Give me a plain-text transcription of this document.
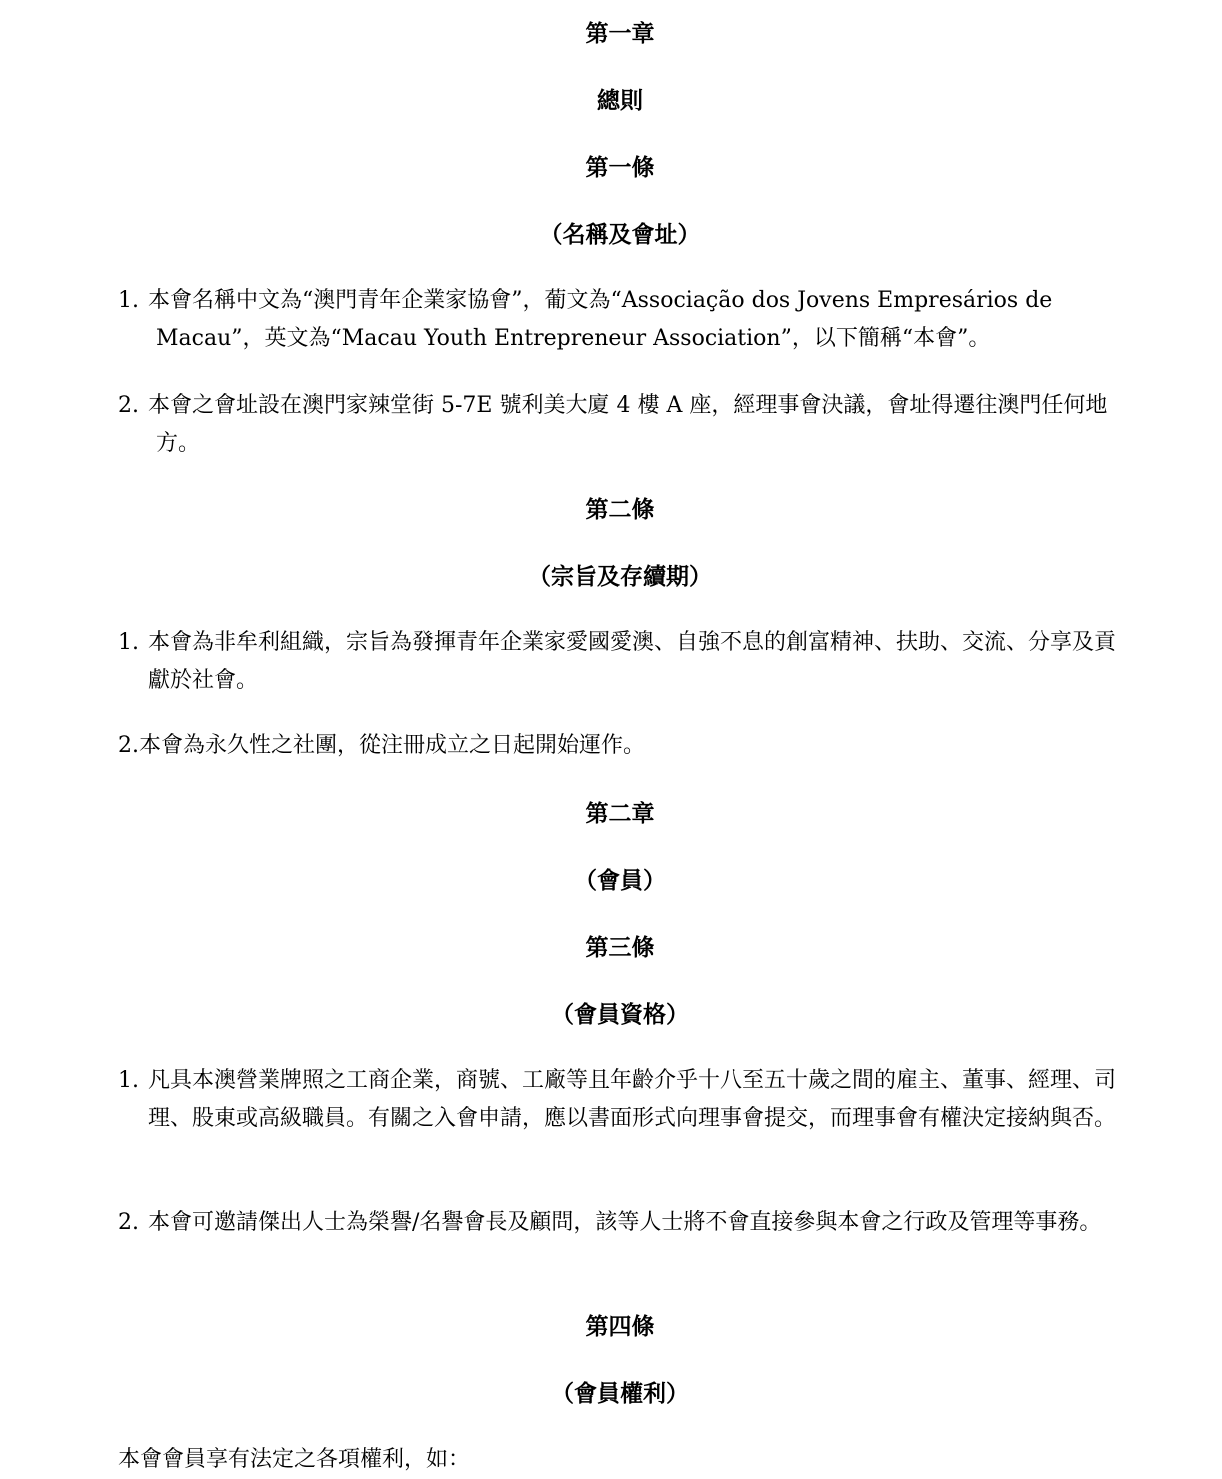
第一章
總則
第一條
（名稱及會址）
1. 本會名稱中文為“澳門青年企業家協會”，葡文為“Associação dos Jovens Empresários de Macau”，英文為“Macau Youth Entrepreneur Association”，以下簡稱“本會”。
2. 本會之會址設在澳門家辣堂街 5-7E 號利美大廈 4 樓 A 座，經理事會決議，會址得遷往澳門任何地方。
第二條
（宗旨及存續期）
1. 本會為非牟利組織，宗旨為發揮青年企業家愛國愛澳、自強不息的創富精神、扶助、交流、分享及貢獻於社會。
2.本會為永久性之社團，從注冊成立之日起開始運作。
第二章
（會員）
第三條
（會員資格）
1. 凡具本澳營業牌照之工商企業，商號、工廠等且年齡介乎十八至五十歲之間的雇主、董事、經理、司理、股東或高級職員。有關之入會申請，應以書面形式向理事會提交，而理事會有權決定接納與否。
2. 本會可邀請傑出人士為榮譽/名譽會長及顧問，該等人士將不會直接參與本會之行政及管理等事務。
第四條
（會員權利）
本會會員享有法定之各項權利，如：
